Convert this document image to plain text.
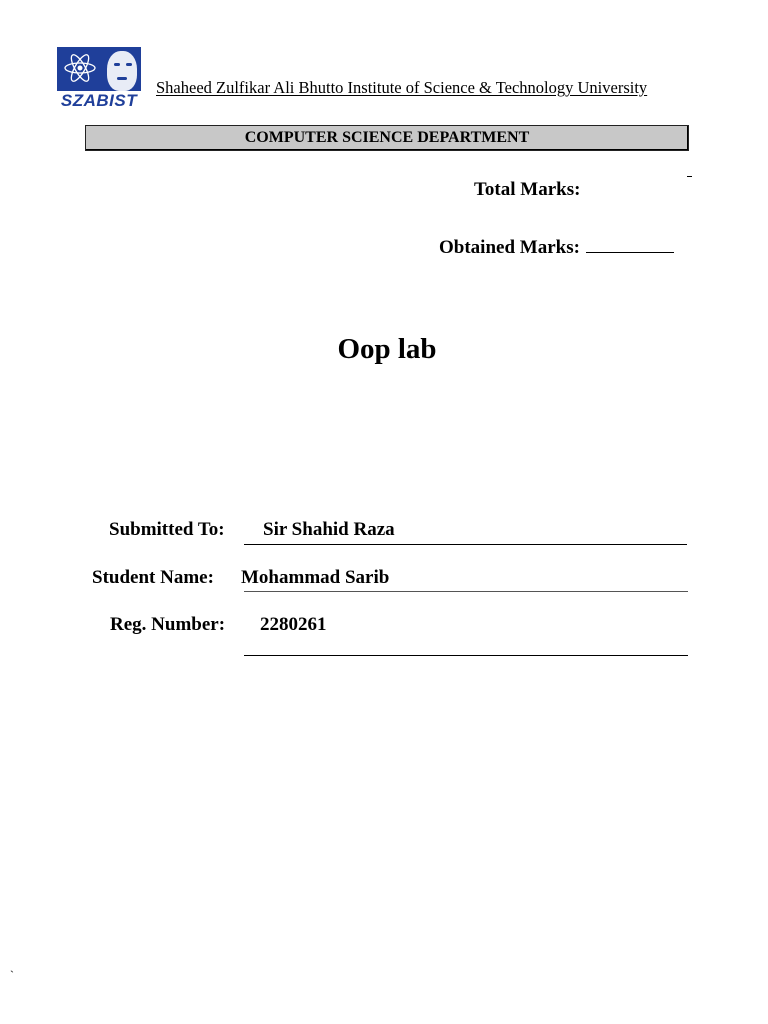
SZABIST
Shaheed Zulfikar Ali Bhutto Institute of Science & Technology University
COMPUTER SCIENCE DEPARTMENT
Total Marks:
Obtained Marks:
Oop lab
Submitted To: Sir Shahid Raza
Student Name: Mohammad Sarib
Reg. Number: 2280261
`
